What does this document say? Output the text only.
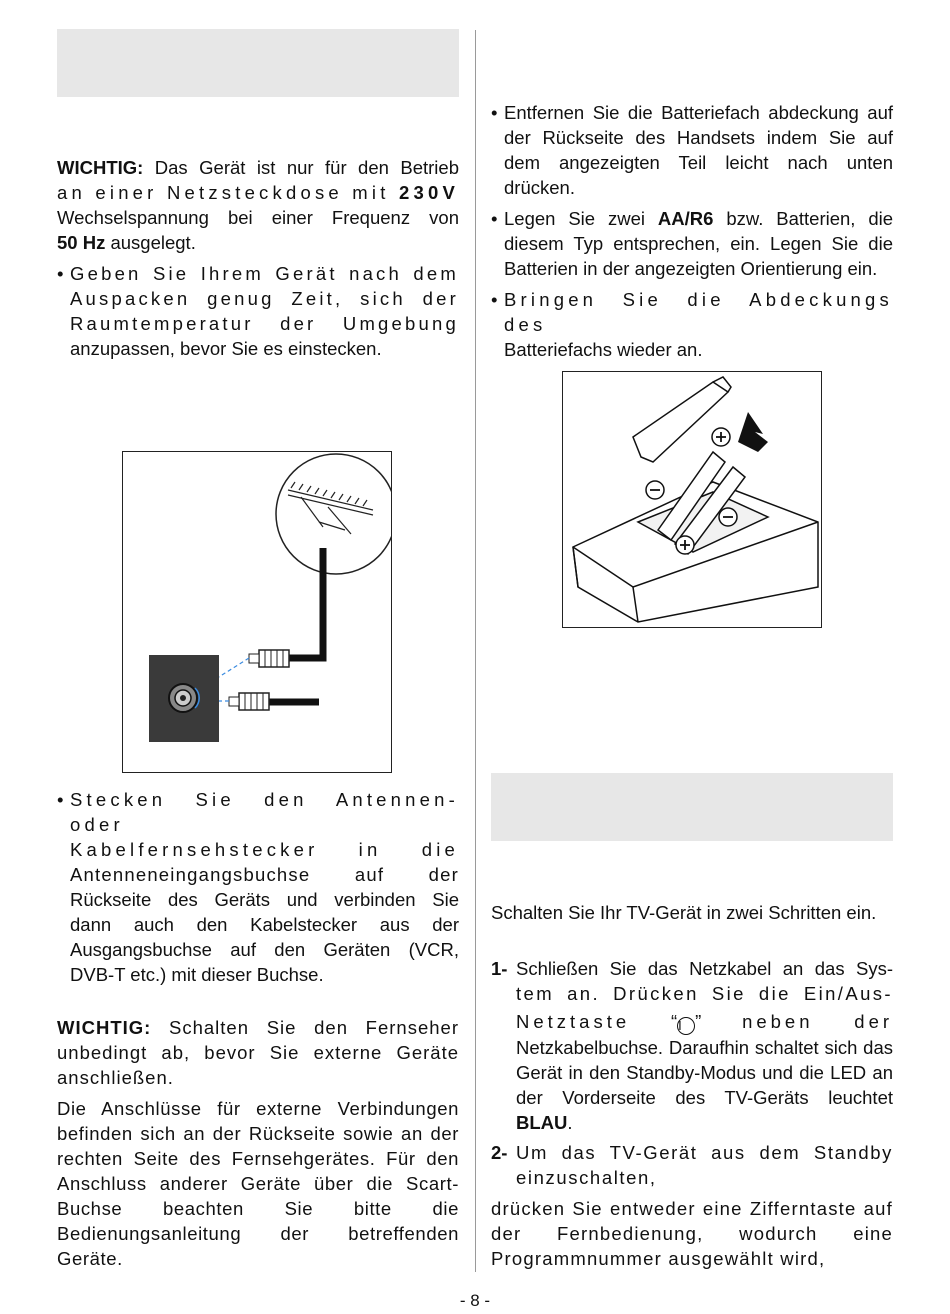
WICHTIG: Das Gerät ist nur für den Betrieb

an einer Netzsteckdose mit 230V

Wechselspannung bei einer Frequenz von

50 Hz ausgelegt.

• Geben Sie Ihrem Gerät nach dem

Auspacken genug Zeit, sich der

Raumtemperatur der Umgebung

anzupassen, bevor Sie es einstecken.

• Stecken Sie den Antennen- oder

Kabelfernsehstecker in die

Antenneneingangsbuchse auf der

Rückseite des Geräts und verbinden Sie

dann auch den Kabelstecker aus der

Ausgangsbuchse auf den Geräten (VCR,

DVB-T etc.) mit dieser Buchse.

WICHTIG: Schalten Sie den Fernseher unbedingt ab, bevor Sie externe Geräte anschließen.

Die Anschlüsse für externe Verbindungen befinden sich an der Rückseite sowie an der rechten Seite des Fernsehgerätes. Für den Anschluss anderer Geräte über die Scart-Buchse beachten Sie bitte die Bedienungsanleitung der betreffenden Geräte.

• Entfernen Sie die Batteriefach abdeckung auf der Rückseite des Handsets indem Sie auf dem angezeigten Teil leicht nach unten drücken.

• Legen Sie zwei AA/R6 bzw. Batterien, die diesem Typ entsprechen, ein. Legen Sie die Batterien in der angezeigten Orientierung ein.

• Bringen Sie die Abdeckungs des

Batteriefachs wieder an.

Schalten Sie Ihr TV-Gerät in zwei Schritten ein.

1- Schließen Sie das Netzkabel an das Sys-

tem an. Drücken Sie die Ein/Aus-

Netztaste “I ” neben der

Netzkabelbuchse. Daraufhin schaltet sich das Gerät in den Standby-Modus und die LED an der Vorderseite des TV-Geräts leuchtet BLAU.

2- Um das TV-Gerät aus dem Standby einzuschalten,

drücken Sie entweder eine Zifferntaste auf der Fernbedienung, wodurch eine Programmnummer ausgewählt wird,

- 8 -
